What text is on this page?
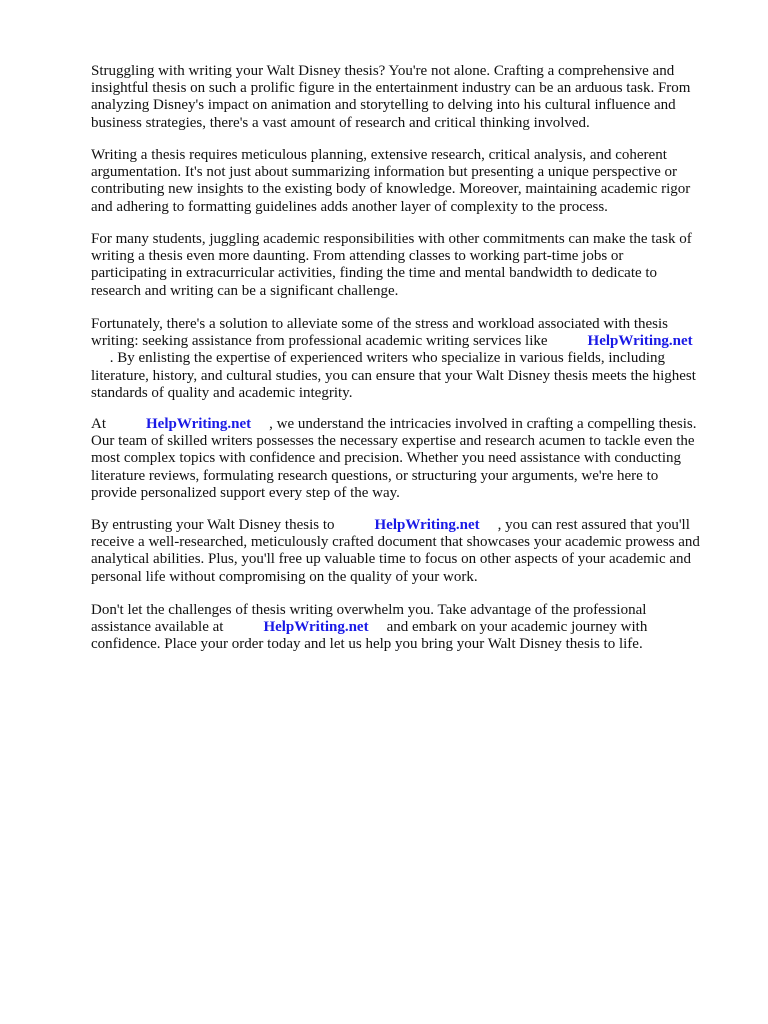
Struggling with writing your Walt Disney thesis? You're not alone. Crafting a comprehensive and
insightful thesis on such a prolific figure in the entertainment industry can be an arduous task. From
analyzing Disney's impact on animation and storytelling to delving into his cultural influence and
business strategies, there's a vast amount of research and critical thinking involved.
Writing a thesis requires meticulous planning, extensive research, critical analysis, and coherent
argumentation. It's not just about summarizing information but presenting a unique perspective or
contributing new insights to the existing body of knowledge. Moreover, maintaining academic rigor
and adhering to formatting guidelines adds another layer of complexity to the process.
For many students, juggling academic responsibilities with other commitments can make the task of
writing a thesis even more daunting. From attending classes to working part-time jobs or
participating in extracurricular activities, finding the time and mental bandwidth to dedicate to
research and writing can be a significant challenge.
Fortunately, there's a solution to alleviate some of the stress and workload associated with thesis
writing: seeking assistance from professional academic writing services like	HelpWriting.net
. By enlisting the expertise of experienced writers who specialize in various fields, including
literature, history, and cultural studies, you can ensure that your Walt Disney thesis meets the highest
standards of quality and academic integrity.
At	HelpWriting.net , we understand the intricacies involved in crafting a compelling thesis.
Our team of skilled writers possesses the necessary expertise and research acumen to tackle even the
most complex topics with confidence and precision. Whether you need assistance with conducting
literature reviews, formulating research questions, or structuring your arguments, we're here to
provide personalized support every step of the way.
By entrusting your Walt Disney thesis to	HelpWriting.net , you can rest assured that you'll
receive a well-researched, meticulously crafted document that showcases your academic prowess and
analytical abilities. Plus, you'll free up valuable time to focus on other aspects of your academic and
personal life without compromising on the quality of your work.
Don't let the challenges of thesis writing overwhelm you. Take advantage of the professional
assistance available at	HelpWriting.net and embark on your academic journey with
confidence. Place your order today and let us help you bring your Walt Disney thesis to life.
